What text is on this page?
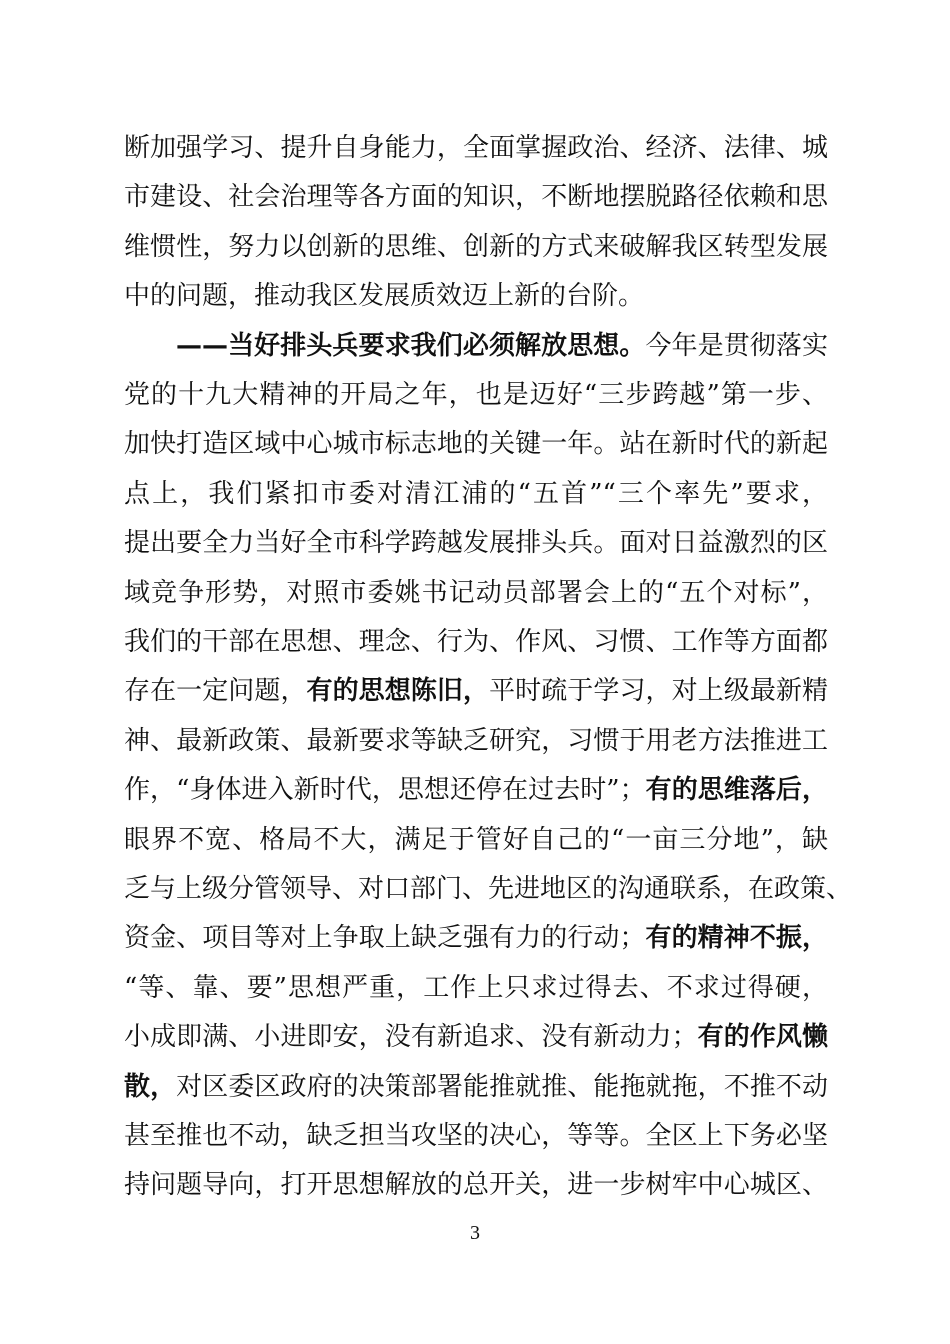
断加强学习、提升自身能力，全面掌握政治、经济、法律、城
市建设、社会治理等各方面的知识，不断地摆脱路径依赖和思
维惯性，努力以创新的思维、创新的方式来破解我区转型发展
中的问题，推动我区发展质效迈上新的台阶。
——当好排头兵要求我们必须解放思想。今年是贯彻落实
党的十九大精神的开局之年，也是迈好“三步跨越”第一步、
加快打造区域中心城市标志地的关键一年。站在新时代的新起
点上，我们紧扣市委对清江浦的“五首”“三个率先”要求，
提出要全力当好全市科学跨越发展排头兵。面对日益激烈的区
域竞争形势，对照市委姚书记动员部署会上的“五个对标”，
我们的干部在思想、理念、行为、作风、习惯、工作等方面都
存在一定问题，有的思想陈旧，平时疏于学习，对上级最新精
神、最新政策、最新要求等缺乏研究，习惯于用老方法推进工
作，“身体进入新时代，思想还停在过去时”；有的思维落后，
眼界不宽、格局不大，满足于管好自己的“一亩三分地”，缺
乏与上级分管领导、对口部门、先进地区的沟通联系，在政策、
资金、项目等对上争取上缺乏强有力的行动；有的精神不振，
“等、靠、要”思想严重，工作上只求过得去、不求过得硬，
小成即满、小进即安，没有新追求、没有新动力；有的作风懒
散，对区委区政府的决策部署能推就推、能拖就拖，不推不动
甚至推也不动，缺乏担当攻坚的决心，等等。全区上下务必坚
持问题导向，打开思想解放的总开关，进一步树牢中心城区、
3
